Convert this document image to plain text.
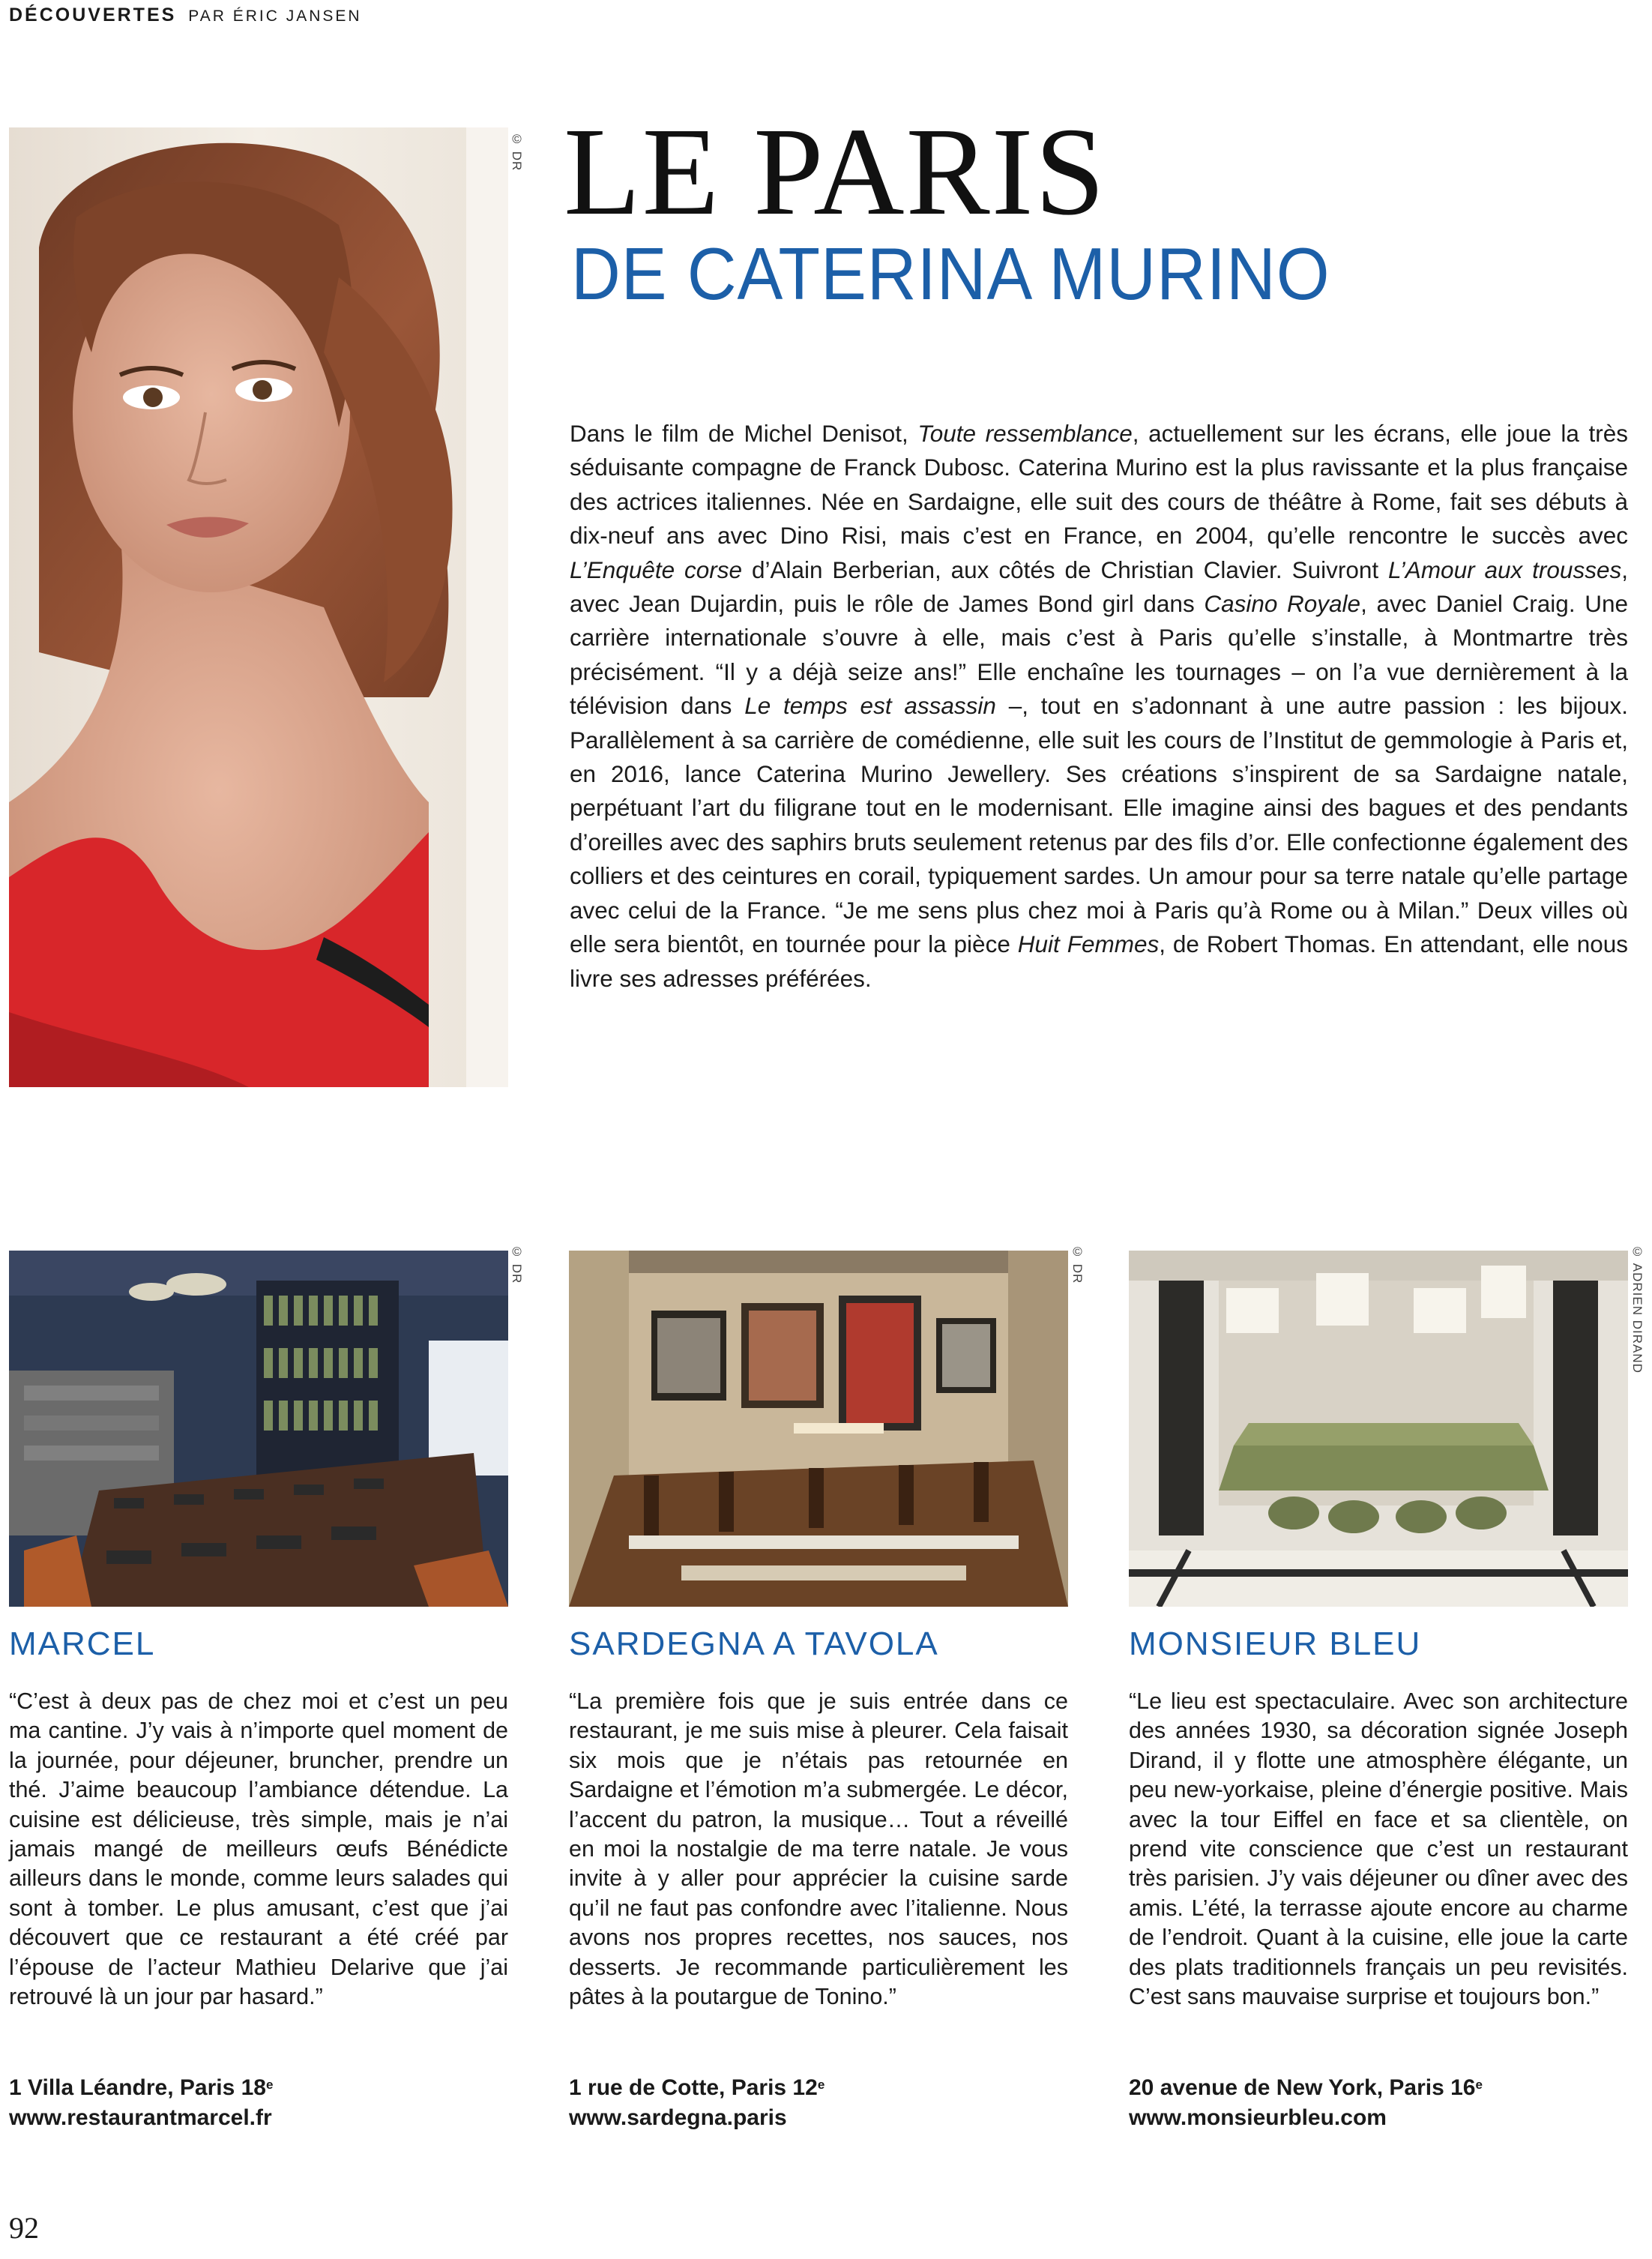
DÉCOUVERTES PAR ÉRIC JANSEN
© DR LE PARIS
DE CATERINA MURINO

Dans le film de Michel Denisot, Toute ressemblance, actuellement sur les écrans, elle joue la très séduisante compagne de Franck Dubosc. Caterina Murino est la plus ravissante et la plus française des actrices italiennes. Née en Sardaigne, elle suit des cours de théâtre à Rome, fait ses débuts à dix-neuf ans avec Dino Risi, mais c’est en France, en 2004, qu’elle rencontre le succès avec L’Enquête corse d’Alain Berberian, aux côtés de Christian Clavier. Suivront L’Amour aux trousses, avec Jean Dujardin, puis le rôle de James Bond girl dans Casino Royale, avec Daniel Craig. Une carrière internationale s’ouvre à elle, mais c’est à Paris qu’elle s’installe, à Montmartre très précisément. “Il y a déjà seize ans!” Elle enchaîne les tournages – on l’a vue dernièrement à la télévision dans Le temps est assassin –, tout en s’adonnant à une autre passion : les bijoux. Parallèlement à sa carrière de comédienne, elle suit les cours de l’Institut de gemmologie à Paris et, en 2016, lance Caterina Murino Jewellery. Ses créations s’inspirent de sa Sardaigne natale, perpétuant l’art du filigrane tout en le modernisant. Elle imagine ainsi des bagues et des pendants d’oreilles avec des saphirs bruts seulement retenus par des fils d’or. Elle confectionne également des colliers et des ceintures en corail, typiquement sardes. Un amour pour sa terre natale qu’elle partage avec celui de la France. “Je me sens plus chez moi à Paris qu’à Rome ou à Milan.” Deux villes où elle sera bientôt, en tournée pour la pièce Huit Femmes, de Robert Thomas. En attendant, elle nous livre ses adresses préférées.

© DR	© DR	© ADRIEN DIRAND
MARCEL

“C’est à deux pas de chez moi et c’est un peu ma cantine. J’y vais à n’importe quel moment de la journée, pour déjeuner, bruncher, prendre un thé. J’aime beaucoup l’ambiance détendue. La cuisine est délicieuse, très simple, mais je n’ai jamais mangé de meilleurs œufs Bénédicte ailleurs dans le monde, comme leurs salades qui sont à tomber. Le plus amusant, c’est que j’ai découvert que ce restaurant a été créé par l’épouse de l’acteur Mathieu Delarive que j’ai retrouvé là un jour par hasard.”

1 Villa Léandre, Paris 18e
www.restaurantmarcel.fr
SARDEGNA A TAVOLA

“La première fois que je suis entrée dans ce restaurant, je me suis mise à pleurer. Cela faisait six mois que je n’étais pas retournée en Sardaigne et l’émotion m’a submergée. Le décor, l’accent du patron, la musique… Tout a réveillé en moi la nostalgie de ma terre natale. Je vous invite à y aller pour apprécier la cuisine sarde qu’il ne faut pas confondre avec l’italienne. Nous avons nos propres recettes, nos sauces, nos desserts. Je recommande particulièrement les pâtes à la poutargue de Tonino.”

1 rue de Cotte, Paris 12e
www.sardegna.paris
MONSIEUR BLEU

“Le lieu est spectaculaire. Avec son architecture des années 1930, sa décoration signée Joseph Dirand, il y flotte une atmosphère élégante, un peu new-yorkaise, pleine d’énergie positive. Mais avec la tour Eiffel en face et sa clientèle, on prend vite conscience que c’est un restaurant très parisien. J’y vais déjeuner ou dîner avec des amis. L’été, la terrasse ajoute encore au charme de l’endroit. Quant à la cuisine, elle joue la carte des plats traditionnels français un peu revisités. C’est sans mauvaise surprise et toujours bon.”

20 avenue de New York, Paris 16e
www.monsieurbleu.com
92
